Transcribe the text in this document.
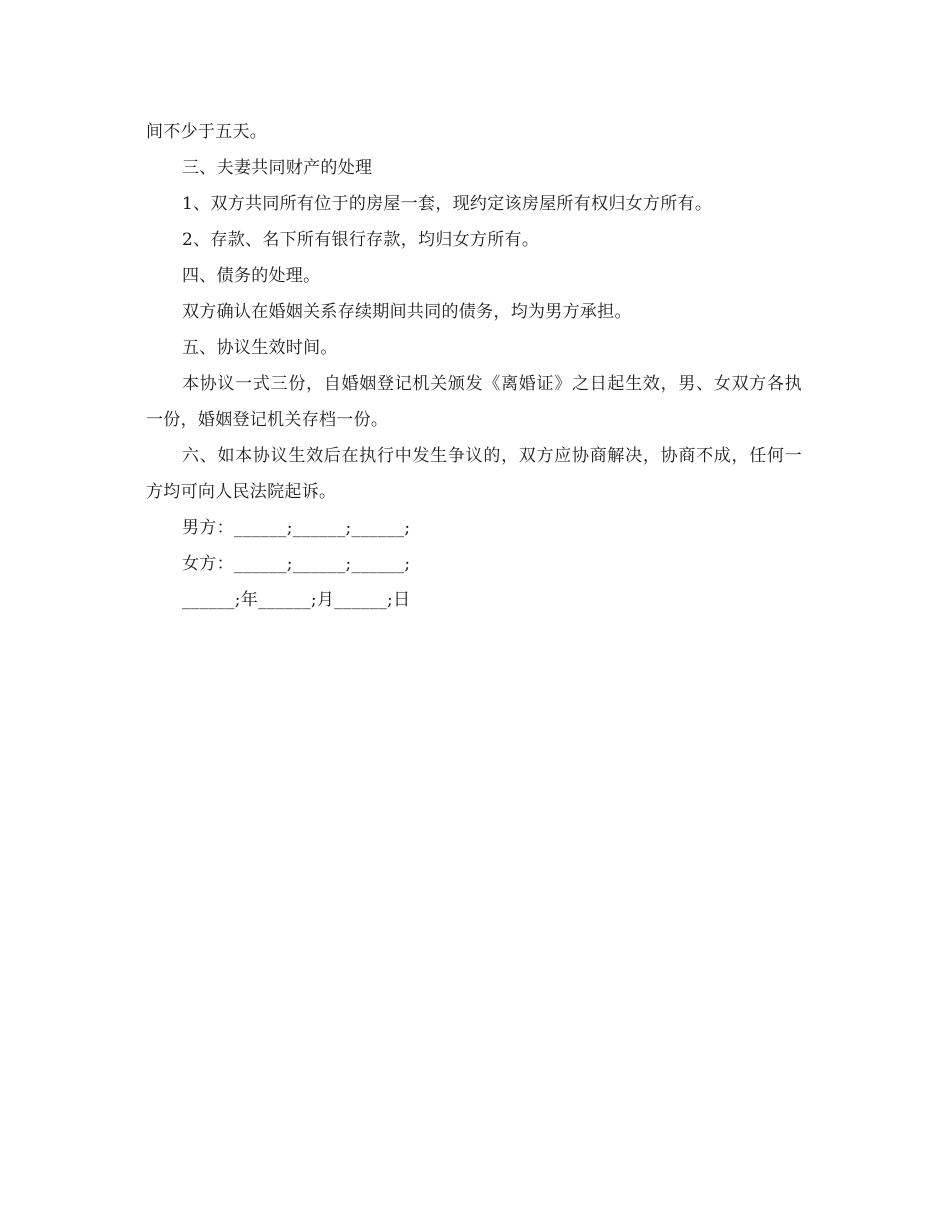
间不少于五天。

三、夫妻共同财产的处理

1、双方共同所有位于的房屋一套，现约定该房屋所有权归女方所有。

2、存款、名下所有银行存款，均归女方所有。

四、债务的处理。

双方确认在婚姻关系存续期间共同的债务，均为男方承担。

五、协议生效时间。

本协议一式三份，自婚姻登记机关颁发《离婚证》之日起生效，男、女双方各执一份，婚姻登记机关存档一份。

六、如本协议生效后在执行中发生争议的，双方应协商解决，协商不成，任何一方均可向人民法院起诉。

男方：______;______;______;

女方：______;______;______;

______;年______;月______;日
